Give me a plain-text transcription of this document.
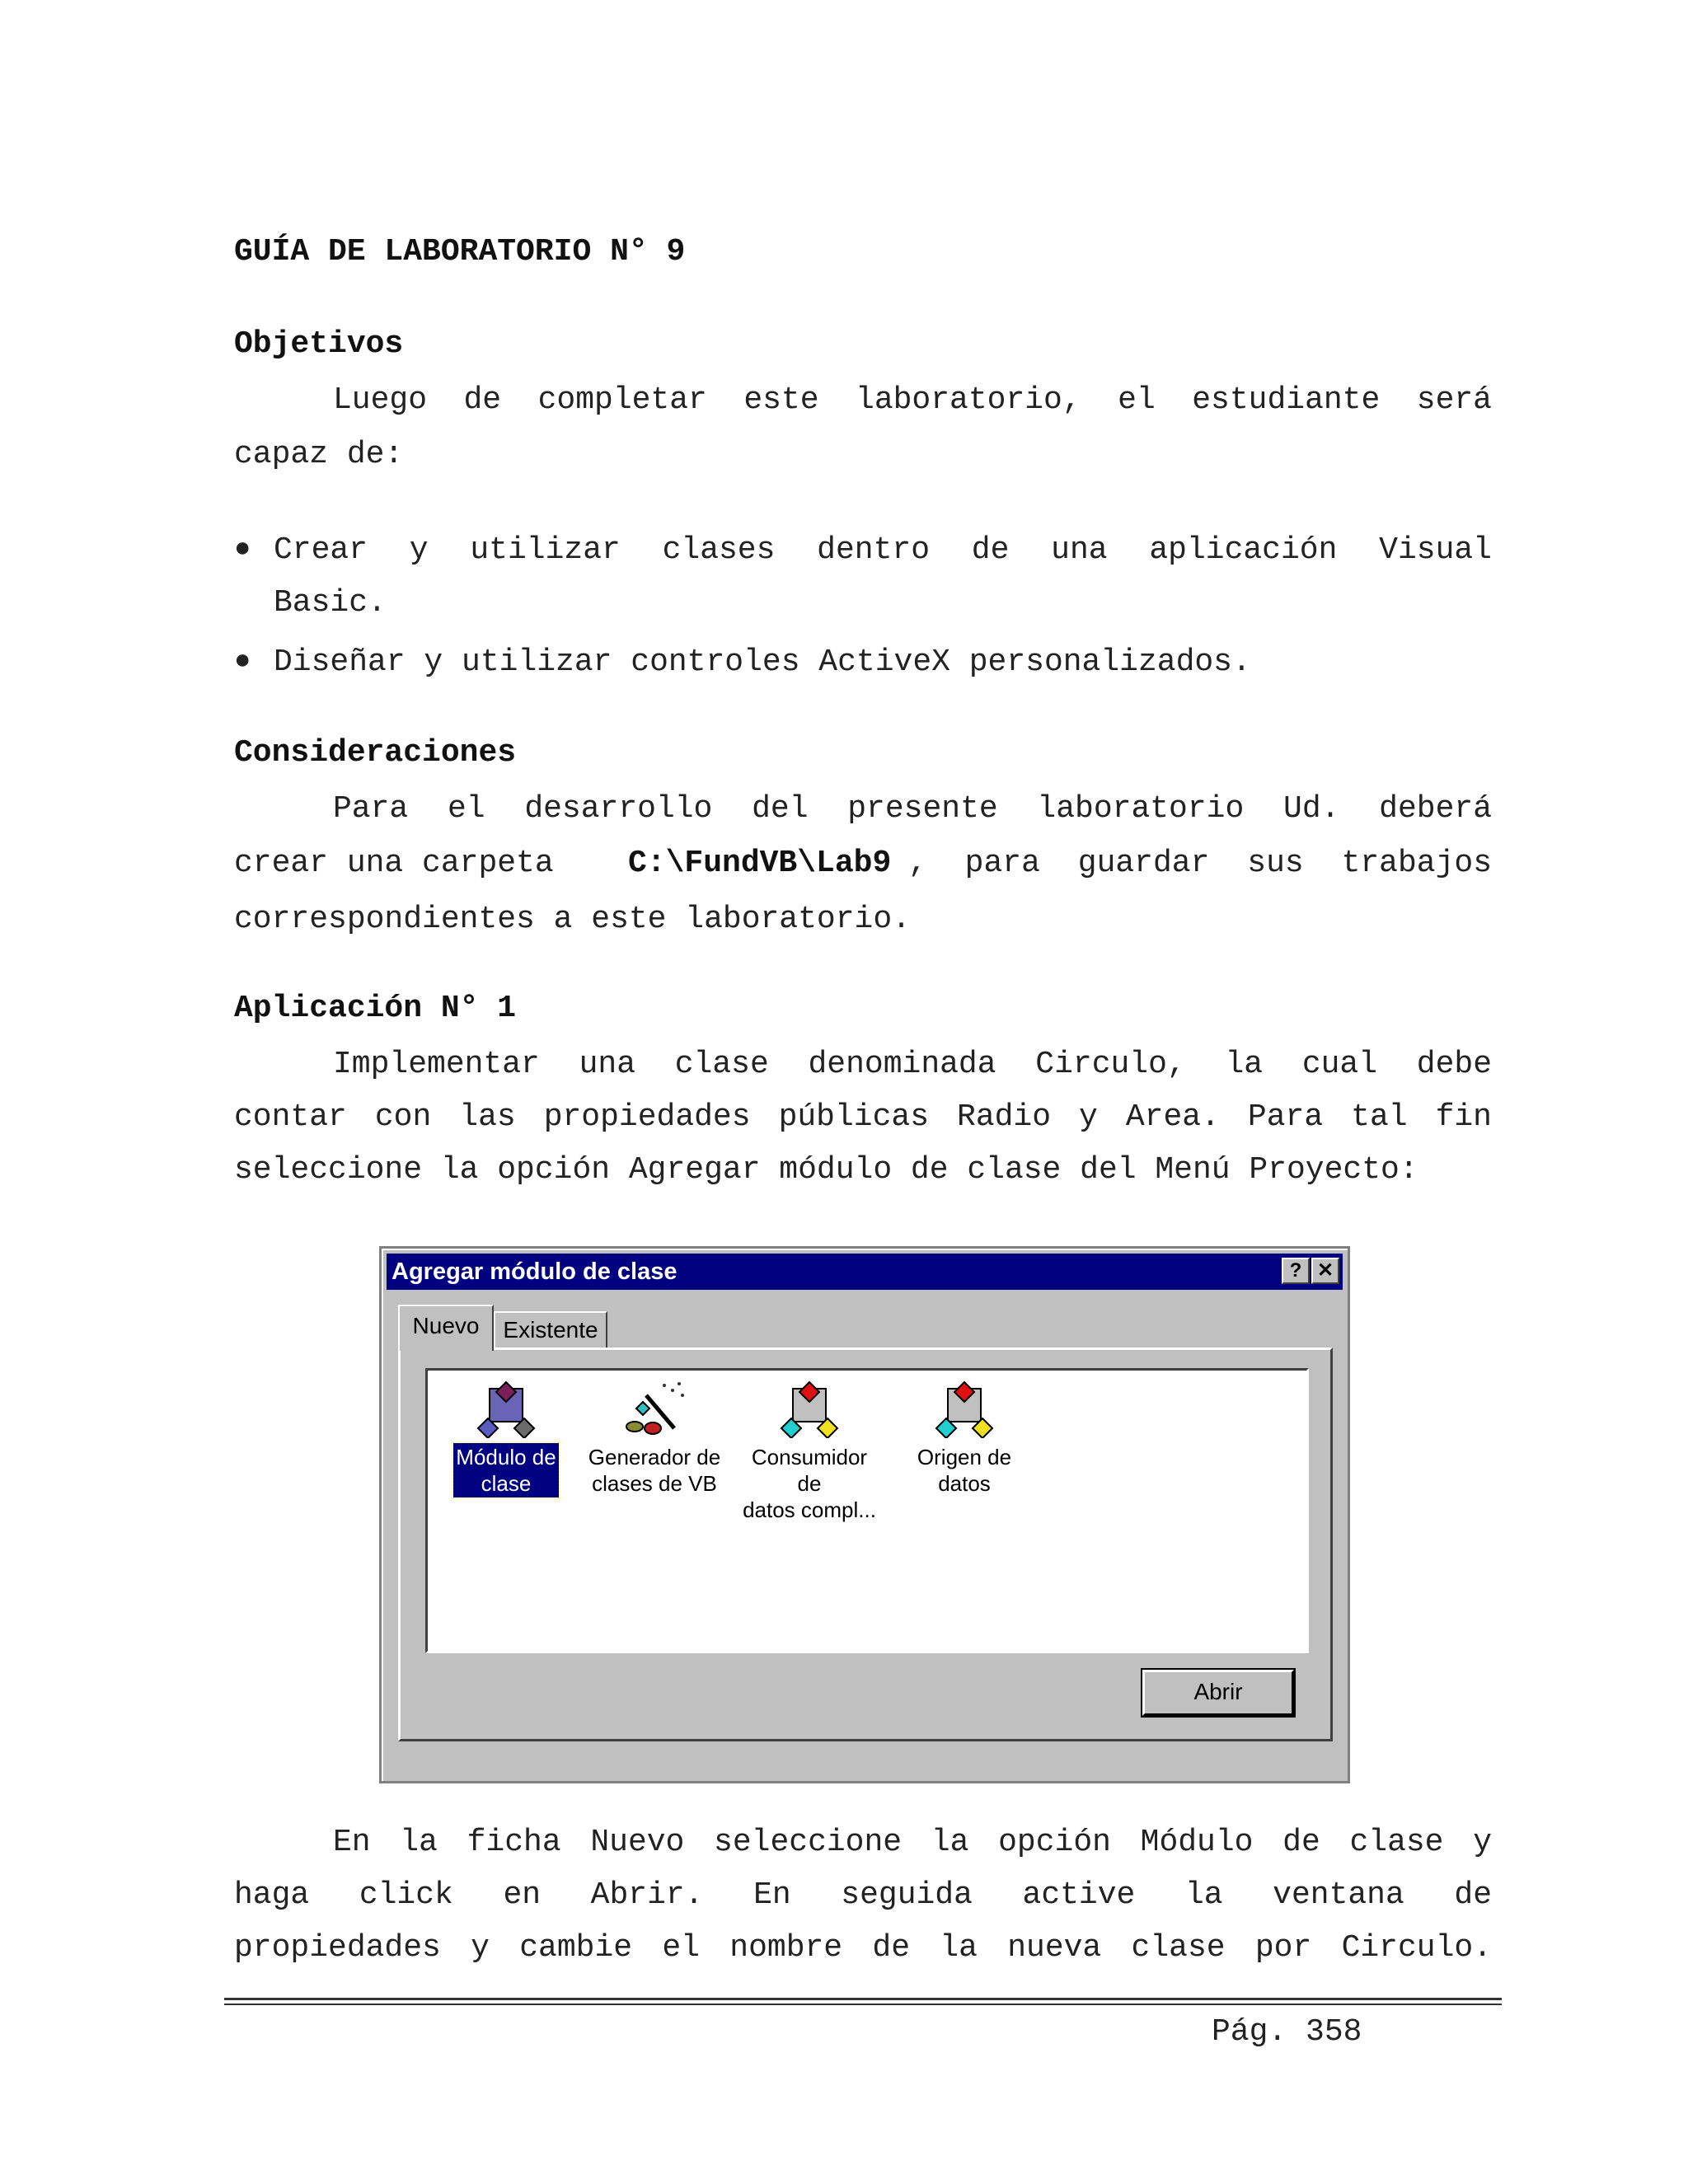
GUÍA DE LABORATORIO N° 9
Objetivos
Luego de completar este laboratorio, el estudiante será
capaz de:
● Crear y utilizar clases dentro de una aplicación Visual
Basic.
● Diseñar y utilizar controles ActiveX personalizados.
Consideraciones
Para el desarrollo del presente laboratorio Ud. deberá
crear una carpeta C:\FundVB\Lab9 , para guardar sus trabajos
correspondientes a este laboratorio.
Aplicación N° 1
Implementar una clase denominada Circulo, la cual debe
contar con las propiedades públicas Radio y Area. Para tal fin
seleccione la opción Agregar módulo de clase del Menú Proyecto:
Agregar módulo de clase	? ✕
Nuevo	Existente
Módulo de
clase
Generador de
clases de VB
Consumidor de
datos compl...
Origen de
datos
Abrir
En la ficha Nuevo seleccione la opción Módulo de clase y
haga click en Abrir. En seguida active la ventana de
propiedades y cambie el nombre de la nueva clase por Circulo.
Pág. 358
